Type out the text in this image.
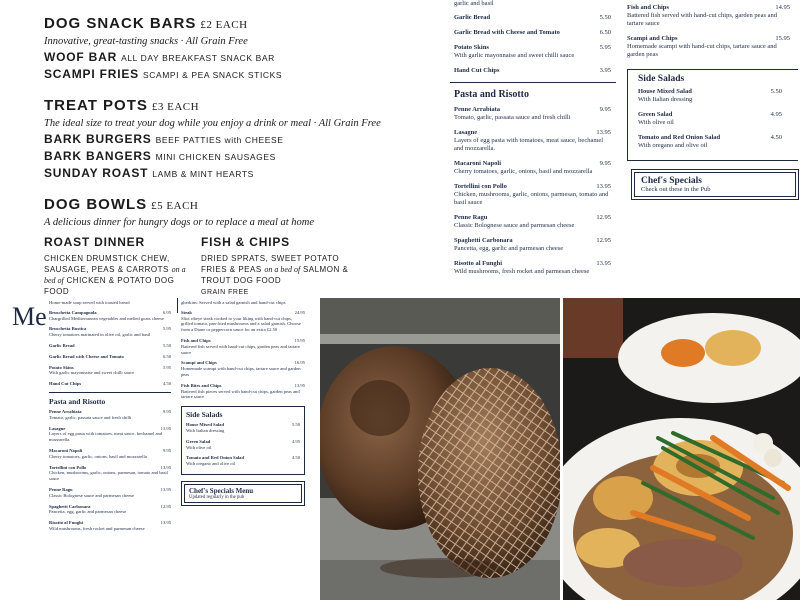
DOG SNACK BARS £2 EACH
Innovative, great-tasting snacks · All Grain Free
WOOF BAR ALL DAY BREAKFAST SNACK BAR
SCAMPI FRIES SCAMPI & PEA SNACK STICKS
TREAT POTS £3 EACH
The ideal size to treat your dog while you enjoy a drink or meal · All Grain Free
BARK BURGERS BEEF PATTIES with CHEESE
BARK BANGERS MINI CHICKEN SAUSAGES
SUNDAY ROAST LAMB & MINT HEARTS
DOG BOWLS £5 EACH
A delicious dinner for hungry dogs or to replace a meal at home
ROAST DINNER
CHICKEN DRUMSTICK CHEW, SAUSAGE, PEAS & CARROTS on a bed of CHICKEN & POTATO DOG FOOD
FISH & CHIPS
DRIED SPRATS, SWEET POTATO FRIES & PEAS on a bed of SALMON & TROUT DOG FOOD
GRAIN FREE
garlic and basil
Garlic Bread	5.50
Garlic Bread with Cheese and Tomato	6.50
Potato Skins	5.95
With garlic mayonnaise and sweet chilli sauce
Hand Cut Chips	3.95
Pasta and Risotto
Penne Arrabiata	9.95
Tomato, garlic, passata sauce and fresh chilli
Lasagne	13.95
Layers of egg pasta with tomatoes, meat sauce, bechamel and mozzarella.
Macaroni Napoli	9.95
Cherry tomatoes, garlic, onions, basil and mozzarella
Tortellini con Pollo	13.95
Chicken, mushrooms, garlic, onions, parmesan, tomato and basil sauce
Penne Ragu	12.95
Classic Bolognese sauce and parmesan cheese
Spaghetti Carbonara	12.95
Pancetta, egg, garlic and parmesan cheese
Risotto al Funghi	13.95
Wild mushrooms, fresh rocket and parmesan cheese
Fish and Chips	14.95
Battered fish served with hand-cut chips, garden peas and tartare sauce
Scampi and Chips	15.95
Homemade scampi with hand-cut chips, tartare sauce and garden peas
Side Salads
House Mixed Salad	5.50
With Italian dressing
Green Salad	4.95
With olive oil
Tomato and Red Onion Salad	4.50
With oregano and olive oil
Chef's Specials
Check out these in the Pub
Me Home-made soup served with toasted bread
Bruschetta Campagnola	6.95
Chargrilled Mediterranean vegetables and melted goats cheese
Bruschetta Rustica	5.95
Cherry tomatoes marinated in olive oil, garlic and basil
Garlic Bread	5.50
Garlic Bread with Cheese and Tomato	6.50
Potato Skins	5.95
With garlic mayonnaise and sweet chilli sauce
Hand Cut Chips	4.50
Pasta and Risotto
Penne Arrabiata	9.95
Tomato, garlic, passata sauce and fresh chilli
Lasagne	13.95
Layers of egg pasta with tomatoes, meat sauce, bechamel and mozzarella.
Macaroni Napoli	9.95
Cherry tomatoes, garlic, onions, basil and mozzarella
Tortellini con Pollo	13.95
Chicken, mushrooms, garlic, onions, parmesan, tomato and basil sauce
Penne Ragu	13.95
Classic Bolognese sauce and parmesan cheese
Spaghetti Carbonara	12.95
Pancetta, egg, garlic and parmesan cheese
Risotto al Funghi	13.95
Wild mushrooms, fresh rocket and parmesan cheese
gherkins. Served with a salad garnish and hand-cut chips
Steak	24.95
Sliot ribeye steak cooked to your liking with hand-cut chips, grilled tomato, pan-fried mushrooms and a salad garnish. Choose from a Diane or peppercorn sauce for an extra £2.50
Fish and Chips	15.95
Battered fish served with hand-cut chips, garden peas and tartare sauce
Scampi and Chips	16.95
Homemade scampi with hand-cut chips, tartare sauce and garden peas
Fish Bites and Chips	13.95
Battered fish pieces served with hand-cut chips, garden peas and tartare sauce
Side Salads
House Mixed Salad	5.50
With Italian dressing
Green Salad	4.95
With olive oil
Tomato and Red Onion Salad	4.50
With oregano and olive oil
Chef's Specials Menu
Updated regularly in the pub
